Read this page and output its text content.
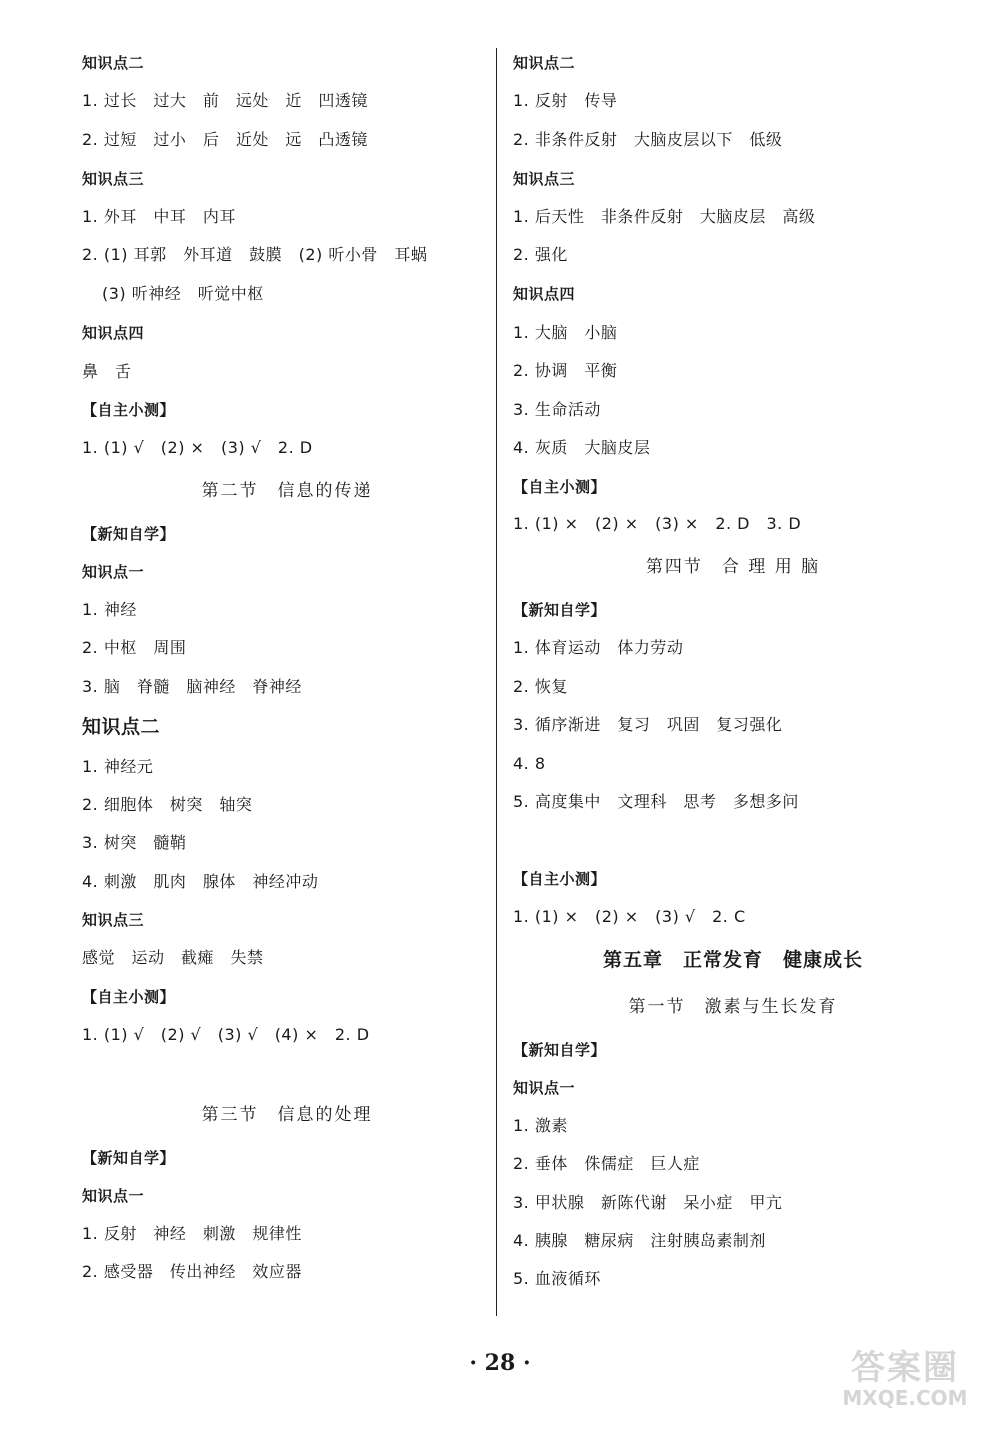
知识点二
1. 过长　过大　前　远处　近　凹透镜
2. 过短　过小　后　近处　远　凸透镜
知识点三
1. 外耳　中耳　内耳
2. (1) 耳郭　外耳道　鼓膜　(2) 听小骨　耳蜗
(3) 听神经　听觉中枢
知识点四
鼻　舌
【自主小测】
1. (1) √　(2) ×　(3) √　2. D
第二节　信息的传递
【新知自学】
知识点一
1. 神经
2. 中枢　周围
3. 脑　脊髓　脑神经　脊神经
知识点二
1. 神经元
2. 细胞体　树突　轴突
3. 树突　髓鞘
4. 刺激　肌肉　腺体　神经冲动
知识点三
感觉　运动　截瘫　失禁
【自主小测】
1. (1) √　(2) √　(3) √　(4) ×　2. D
第三节　信息的处理
【新知自学】
知识点一
1. 反射　神经　刺激　规律性
2. 感受器　传出神经　效应器
知识点二
1. 反射　传导
2. 非条件反射　大脑皮层以下　低级
知识点三
1. 后天性　非条件反射　大脑皮层　高级
2. 强化
知识点四
1. 大脑　小脑
2. 协调　平衡
3. 生命活动
4. 灰质　大脑皮层
【自主小测】
1. (1) ×　(2) ×　(3) ×　2. D　3. D
第四节　合 理 用 脑
【新知自学】
1. 体育运动　体力劳动
2. 恢复
3. 循序渐进　复习　巩固　复习强化
4. 8
5. 高度集中　文理科　思考　多想多问
【自主小测】
1. (1) ×　(2) ×　(3) √　2. C
第五章　正常发育　健康成长
第一节　激素与生长发育
【新知自学】
知识点一
1. 激素
2. 垂体　侏儒症　巨人症
3. 甲状腺　新陈代谢　呆小症　甲亢
4. 胰腺　糖尿病　注射胰岛素制剂
5. 血液循环
· 28 ·	答案圈
MXQE.COM
